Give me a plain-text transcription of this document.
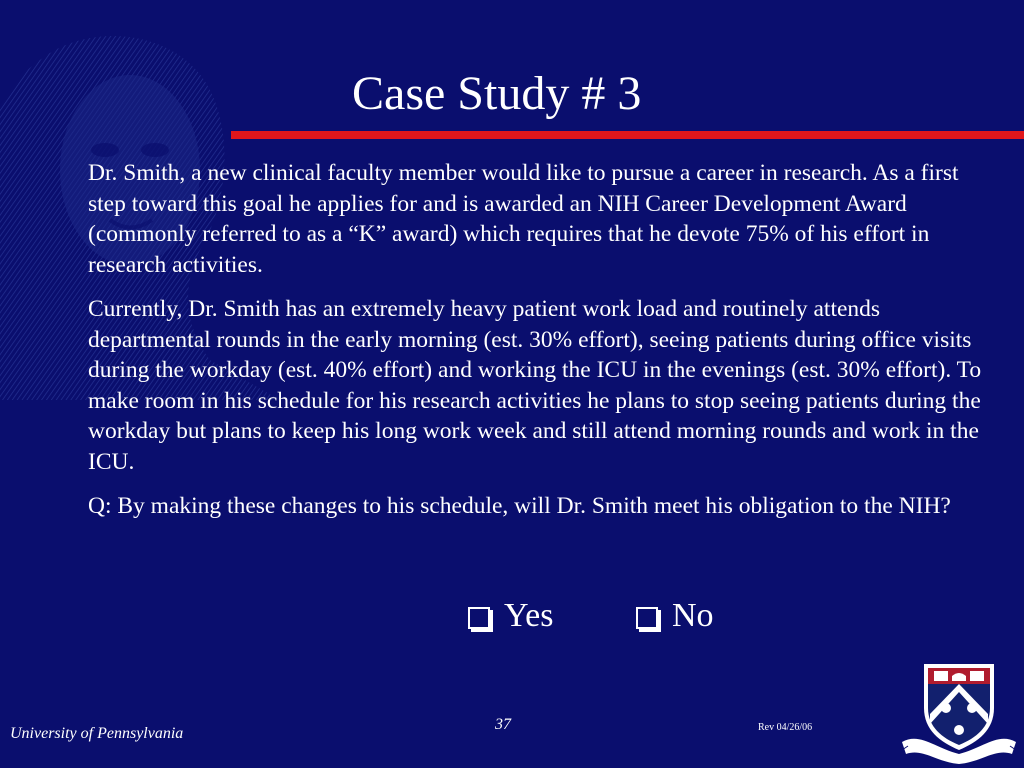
Case Study # 3

Dr. Smith, a new clinical faculty member would like to pursue a career in research. As a first step toward this goal he applies for and is awarded an NIH Career Development Award (commonly referred to as a “K” award) which requires that he devote 75% of his effort in research activities.

Currently, Dr. Smith has an extremely heavy patient work load and routinely attends departmental rounds in the early morning (est. 30% effort), seeing patients during office visits during the workday (est. 40% effort) and working the ICU in the evenings (est. 30% effort). To make room in his schedule for his research activities he plans to stop seeing patients during the workday but plans to keep his long work week and still attend morning rounds and work in the ICU.

Q: By making these changes to his schedule, will Dr. Smith meet his obligation to the NIH?

Yes	No
University of Pennsylvania
37	Rev 04/26/06
